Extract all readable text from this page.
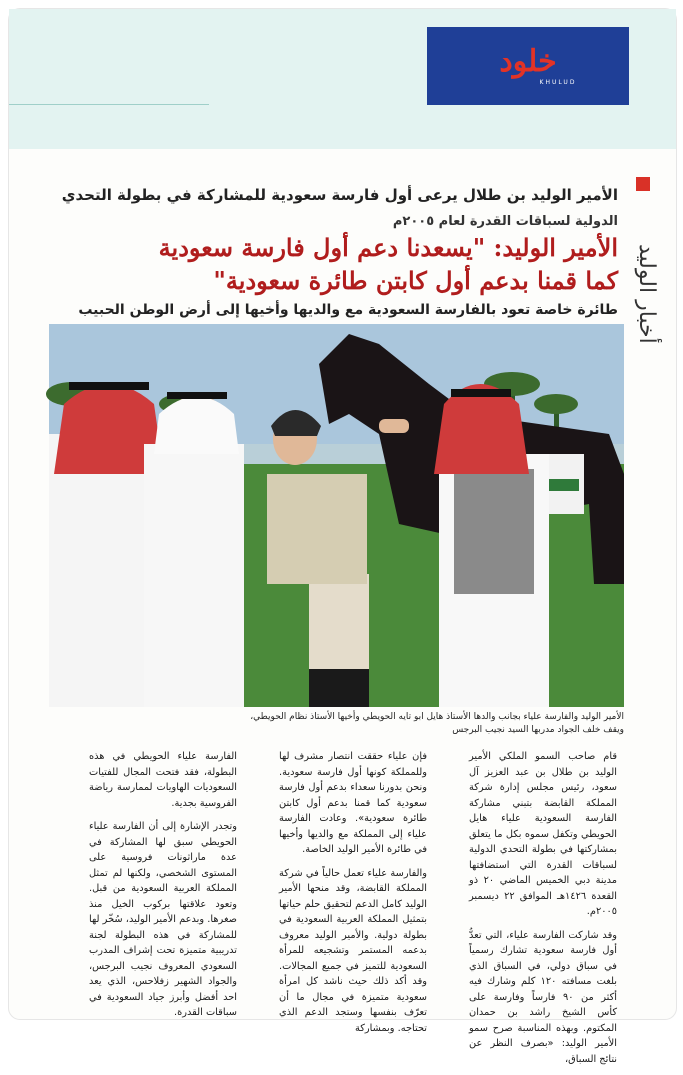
خلود
KHULUD
أخبار الوليد
الأمير الوليد بن طلال يرعى أول فارسة سعودية للمشاركة في بطولة التحدي
الدولية لسباقات القدرة لعام ٢٠٠٥م
الأمير الوليد: "يسعدنا دعم أول فارسة سعودية
كما قمنا بدعم أول كابتن طائرة سعودية"
طائرة خاصة تعود بالفارسة السعودية مع والديها وأخيها إلى أرض الوطن الحبيب
الأمير الوليد والفارسة علياء بجانب والدها الأستاذ هايل ابو تايه الحويطي وأخيها الأستاذ نظام الحويطي،
ويقف خلف الجواد مدربها السيد نجيب البرجس

قام صاحب السمو الملكي الأمير الوليد بن طلال بن عبد العزيز آل سعود، رئيس مجلس إدارة شركة المملكة القابضة بتبني مشاركة الفارسة السعودية علياء هايل الحويطي وتكفل سموه بكل ما يتعلق بمشاركتها في بطولة التحدي الدولية لسباقات القدرة التي استضافتها مدينة دبي الخميس الماضي ٢٠ ذو القعدة ١٤٢٦هـ الموافق ٢٢ ديسمبر ٢٠٠٥م.

وقد شاركت الفارسة علياء، التي تعدُّ أول فارسة سعودية تشارك رسمياً في سباق دولي، في السباق الذي بلغت مسافته ١٢٠ كلم وشارك فيه أكثر من ٩٠ فارساً وفارسة على كأس الشيخ راشد بن حمدان المكتوم. وبهذه المناسبة صرح سمو الأمير الوليد: «بصرف النظر عن نتائج السباق،

فإن علياء حققت انتصار مشرف لها وللمملكة كونها أول فارسة سعودية. ونحن بدورنا سعداء بدعم أول فارسة سعودية كما قمنا بدعم أول كابتن طائرة سعودية». وعادت الفارسة علياء إلى المملكة مع والديها وأخيها في طائرة الأمير الوليد الخاصة.

والفارسة علياء تعمل حالياً في شركة المملكة القابضة، وقد منحها الأمير الوليد كامل الدعم لتحقيق حلم حياتها بتمثيل المملكة العربية السعودية في بطولة دولية. والأمير الوليد معروف بدعمه المستمر وتشجيعه للمرأة السعودية للتميز في جميع المجالات. وقد أكد ذلك حيث ناشد كل امرأة سعودية متميزة في مجال ما أن تعرّف بنفسها وستجد الدعم الذي تحتاجه. وبمشاركة

الفارسة علياء الحويطي في هذه البطولة، فقد فتحت المجال للفتيات السعوديات الهاويات لممارسة رياضة الفروسية بجدية.

وتجدر الإشارة إلى أن الفارسة علياء الحويطي سبق لها المشاركة في عدة ماراثونات فروسية على المستوى الشخصي، ولكنها لم تمثل المملكة العربية السعودية من قبل. وتعود علاقتها بركوب الخيل منذ صغرها. وبدعم الأمير الوليد، سُخّر لها للمشاركة في هذه البطولة لجنة تدريبية متميزة تحت إشراف المدرب السعودي المعروف نجيب البرجس، والجواد الشهير زفلاحس، الذي يعد احد أفضل وأبرز جياد السعودية في سباقات القدرة.
